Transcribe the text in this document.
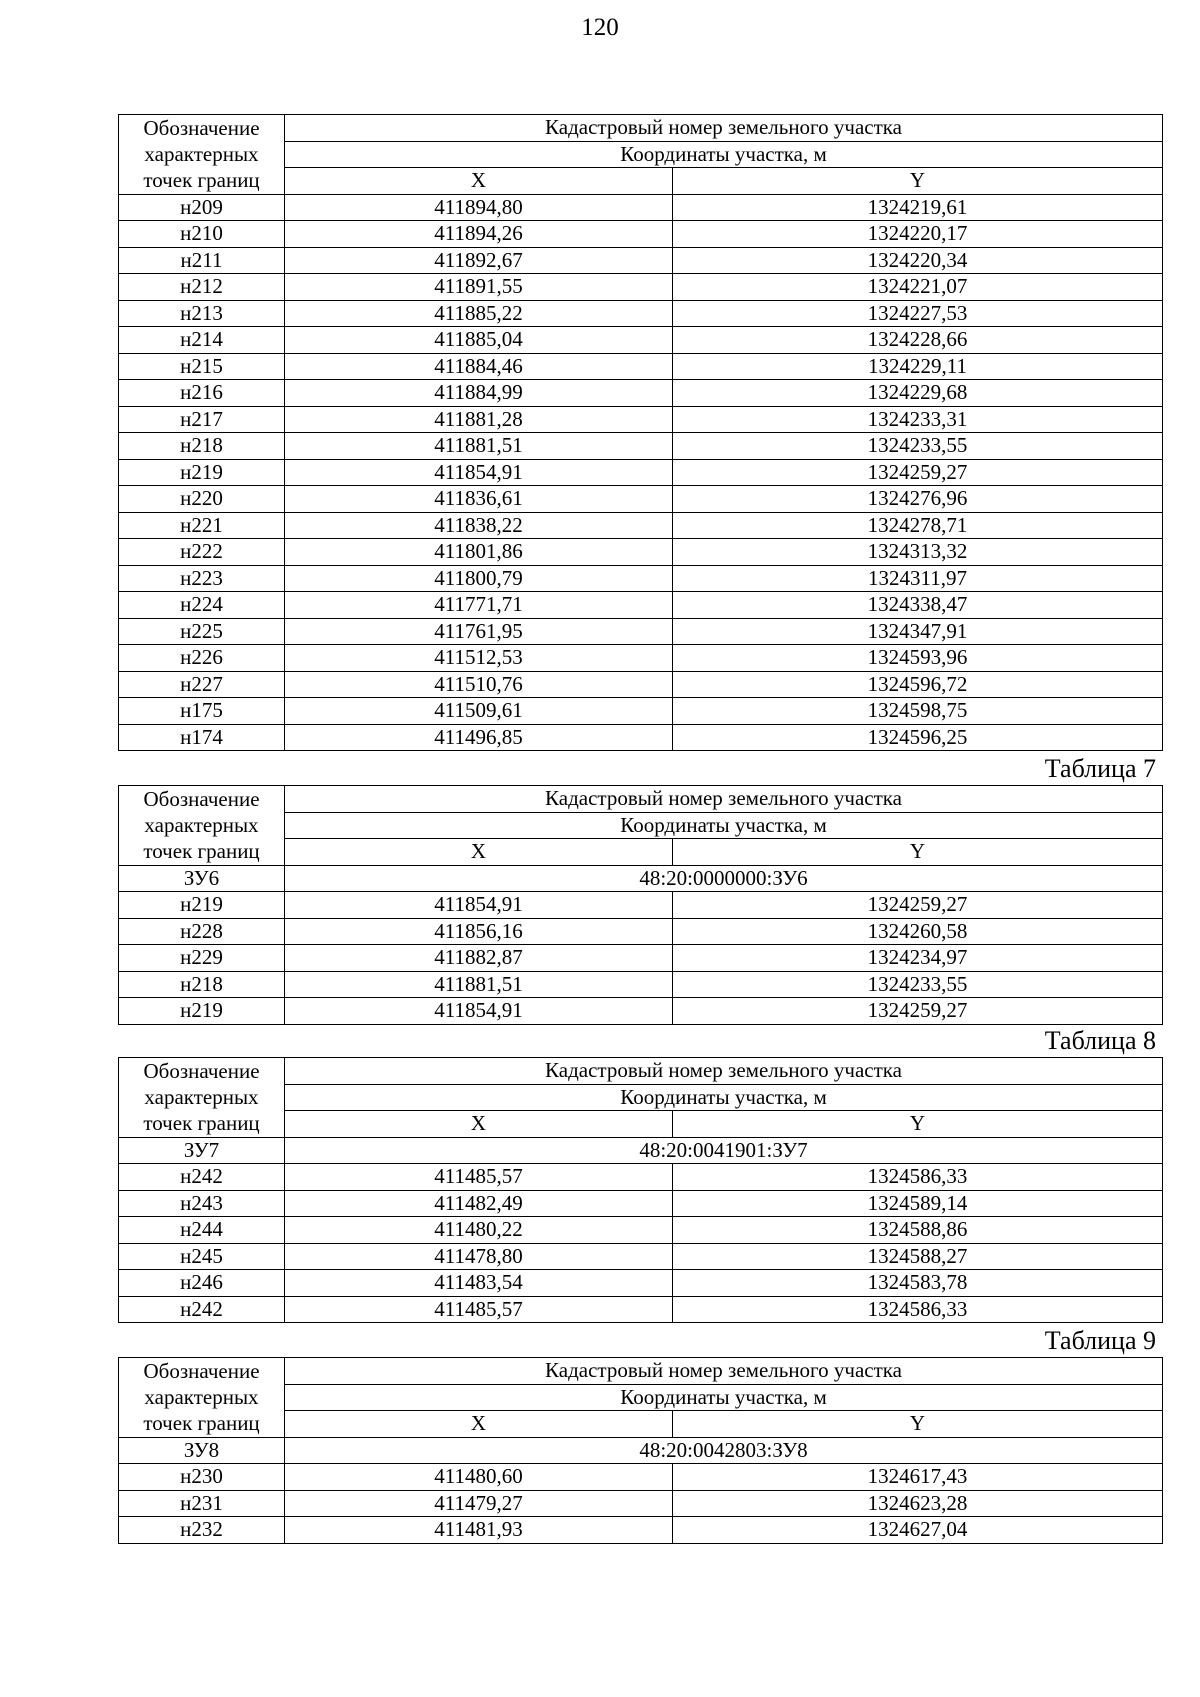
120
Обозначение
характерных
точек границ	Кадастровый номер земельного участка	
	Координаты участка, м	
	X	Y
н209	411894,80	1324219,61
н210	411894,26	1324220,17
н211	411892,67	1324220,34
н212	411891,55	1324221,07
н213	411885,22	1324227,53
н214	411885,04	1324228,66
н215	411884,46	1324229,11
н216	411884,99	1324229,68
н217	411881,28	1324233,31
н218	411881,51	1324233,55
н219	411854,91	1324259,27
н220	411836,61	1324276,96
н221	411838,22	1324278,71
н222	411801,86	1324313,32
н223	411800,79	1324311,97
н224	411771,71	1324338,47
н225	411761,95	1324347,91
н226	411512,53	1324593,96
н227	411510,76	1324596,72
н175	411509,61	1324598,75
н174	411496,85	1324596,25
Таблица 7
Обозначение
характерных
точек границ	Кадастровый номер земельного участка	
	Координаты участка, м	
	X	Y
ЗУ6	48:20:0000000:ЗУ6	
н219	411854,91	1324259,27
н228	411856,16	1324260,58
н229	411882,87	1324234,97
н218	411881,51	1324233,55
н219	411854,91	1324259,27
Таблица 8
Обозначение
характерных
точек границ	Кадастровый номер земельного участка	
	Координаты участка, м	
	X	Y
ЗУ7	48:20:0041901:ЗУ7	
н242	411485,57	1324586,33
н243	411482,49	1324589,14
н244	411480,22	1324588,86
н245	411478,80	1324588,27
н246	411483,54	1324583,78
н242	411485,57	1324586,33
Таблица 9
Обозначение
характерных
точек границ	Кадастровый номер земельного участка	
	Координаты участка, м	
	X	Y
ЗУ8	48:20:0042803:ЗУ8	
н230	411480,60	1324617,43
н231	411479,27	1324623,28
н232	411481,93	1324627,04
